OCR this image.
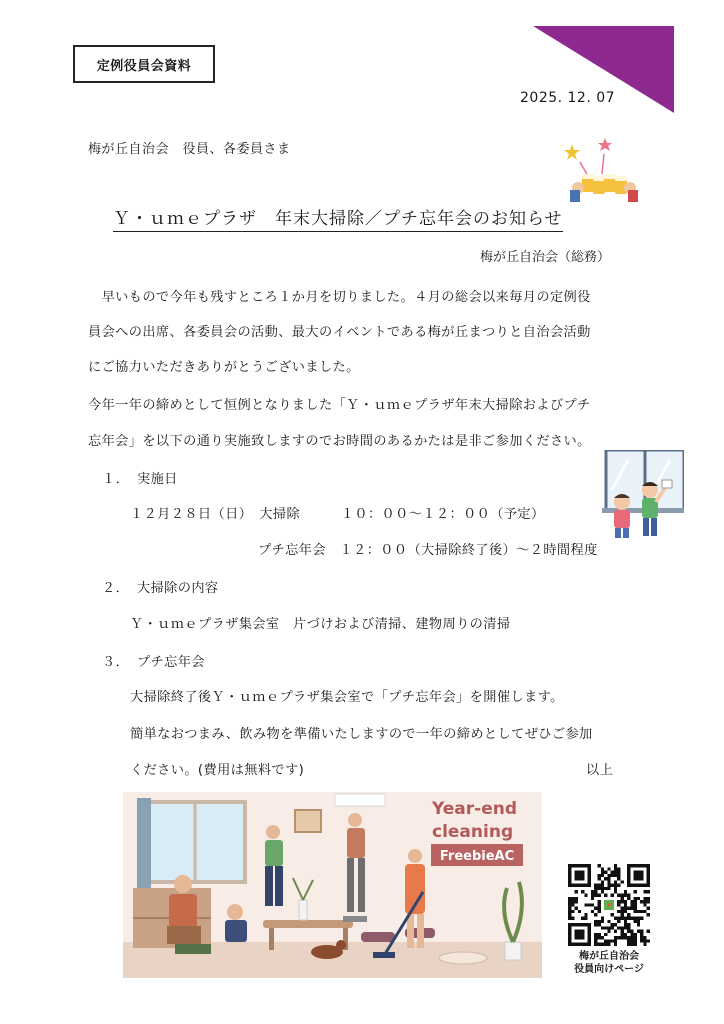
定例役員会資料
2025. 12. 07
梅が丘自治会　役員、各委員さま
Ｙ・ｕｍｅプラザ　年末大掃除／プチ忘年会のお知らせ
梅が丘自治会（総務）
　早いもので今年も残すところ１か月を切りました。４月の総会以来毎月の定例役
員会への出席、各委員会の活動、最大のイベントである梅が丘まつりと自治会活動
にご協力いただきありがとうございました。
今年一年の締めとして恒例となりました「Ｙ・ｕｍｅプラザ年末大掃除およびプチ
忘年会」を以下の通り実施致しますのでお時間のあるかたは是非ご参加ください。
１． 実施日
１２月２８日（日）　大掃除　　　１０：００～１２：００（予定）
プチ忘年会　１２：００（大掃除終了後）～２時間程度
２． 大掃除の内容
Ｙ・ｕｍｅプラザ集会室　片づけおよび清掃、建物周りの清掃
３． プチ忘年会
大掃除終了後Ｙ・ｕｍｅプラザ集会室で「プチ忘年会」を開催します。
簡単なおつまみ、飲み物を準備いたしますので一年の締めとしてぜひご参加
ください。(費用は無料です)	以上
Year-end
cleaning
FreebieAC
梅が丘自治会
役員向けページ
